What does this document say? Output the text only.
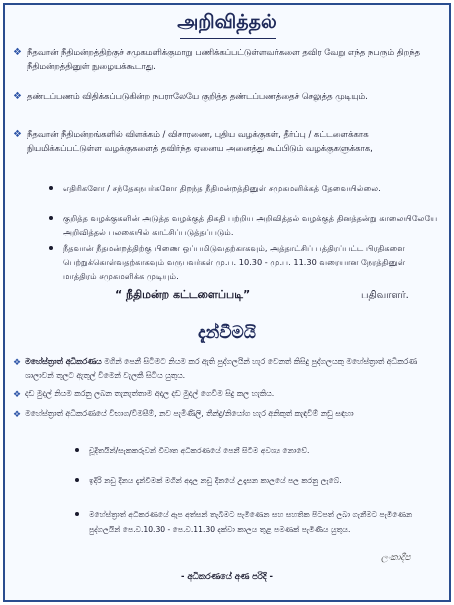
அறிவித்தல்
❖ நீதவான் நீதிமன்றத்திற்குச் சமுகமளிக்குமாறு பணிக்கப்பட்டுள்ளவர்களை தவிர வேறு எந்த நபரும் திறந்த நீதிமன்றத்தினுள் நுழையக்கூடாது.
❖ தண்டப்பணம் விதிக்கப்படுகின்ற நபராலேயே குறித்த தண்டப்பணத்தைச் செலுத்த முடியும்.
❖ நீதவான் நீதிமன்றங்களில் விளக்கம் / விசாரணை, புதிய வழக்குகள், தீர்ப்பு / கட்டளைக்காக நியமிக்கப்பட்டுள்ள வழக்குகளைத் தவிர்ந்த ஏனைய அனைத்து கூப்பிடும் வழக்குகளுக்காக,
எதிரிகளோ / சந்தேகநபர்களோ திறந்த நீதிமன்றத்தினுள் சமுகமளிக்கத் தேவையில்லை.
குறித்த வழக்குகளின் அடுத்த வழக்குத் திகதி பற்றிய அறிவித்தல் வழக்குத் தினத்தன்று காலையிலேயே அறிவித்தல் பலகையில் காட்சிப்படுத்தப்படும்.
நீதவான் நீதமன்றத்திற்கு பிணை ஒப்பமிடுவதற்காகவும், அத்தாட்சிப் பத்திரப்பட்ட பிரதிகளை பெற்றுக்கொள்வதற்காகவும் வருபவர்கள் மு.ப. 10.30 - மு.ப. 11.30 வரையான நேரத்தினுள் மாத்திரம் சமுகமளிக்க முடியும்.
“ நீதிமன்ற கட்டளைப்படி”	பதிவாளர்.
දැන්වීමයි
❖ මහේස්ත්‍රාත් අධිකරණය මගින් පෙනී සිටීමට නියම කර ඇති පුද්ගලයින් හැර වෙනත් කිසිදු පුද්ගලයකු මහේස්ත්‍රාත් අධිකරණ ශාලාවන් තුලට ඇතුල් වීමෙන් වැලකී සිටිය යුතුය.
❖ දඩ මුදල් නියම කරනු ලබන තැනැත්තාම අදාල දඩ මුදල් ගෙවීම සිදු කල හැකිය.
❖ මහේස්ත්‍රාත් අධිකරණයේ විභාග/විමසීම්, නව පැමිණිලි, තීන්දු/නියෝග හැර අනිකුත් කැඳවීම් නඩු සඳහා
චූදිතයින්/සැකකරුවන් විවෘත අධිකරණයේ පෙනී සිටීම අවශ්‍ය නොවේ.
ඉදිරි නඩු දිනය දැන්වීමක් මගින් අදාල නඩු දිනයේ උදෑසන කාලයේ පල කරනු ලැබේ.
මහේස්ත්‍රාත් අධිකරණයේ ඇප අත්සන් තැබීමට පැමිණෙන සහ සහතික පිටපත් ලබා ගැනීමට පැමිණෙන පුද්ගලයින් පෙ.ව.10.30 - පෙ.ව.11.30 දක්වා කාලය තුළ පමණක් පැමිණිය යුතුය.
ලංකාදීප
- අධිකරණයේ අණ පරිදි -
